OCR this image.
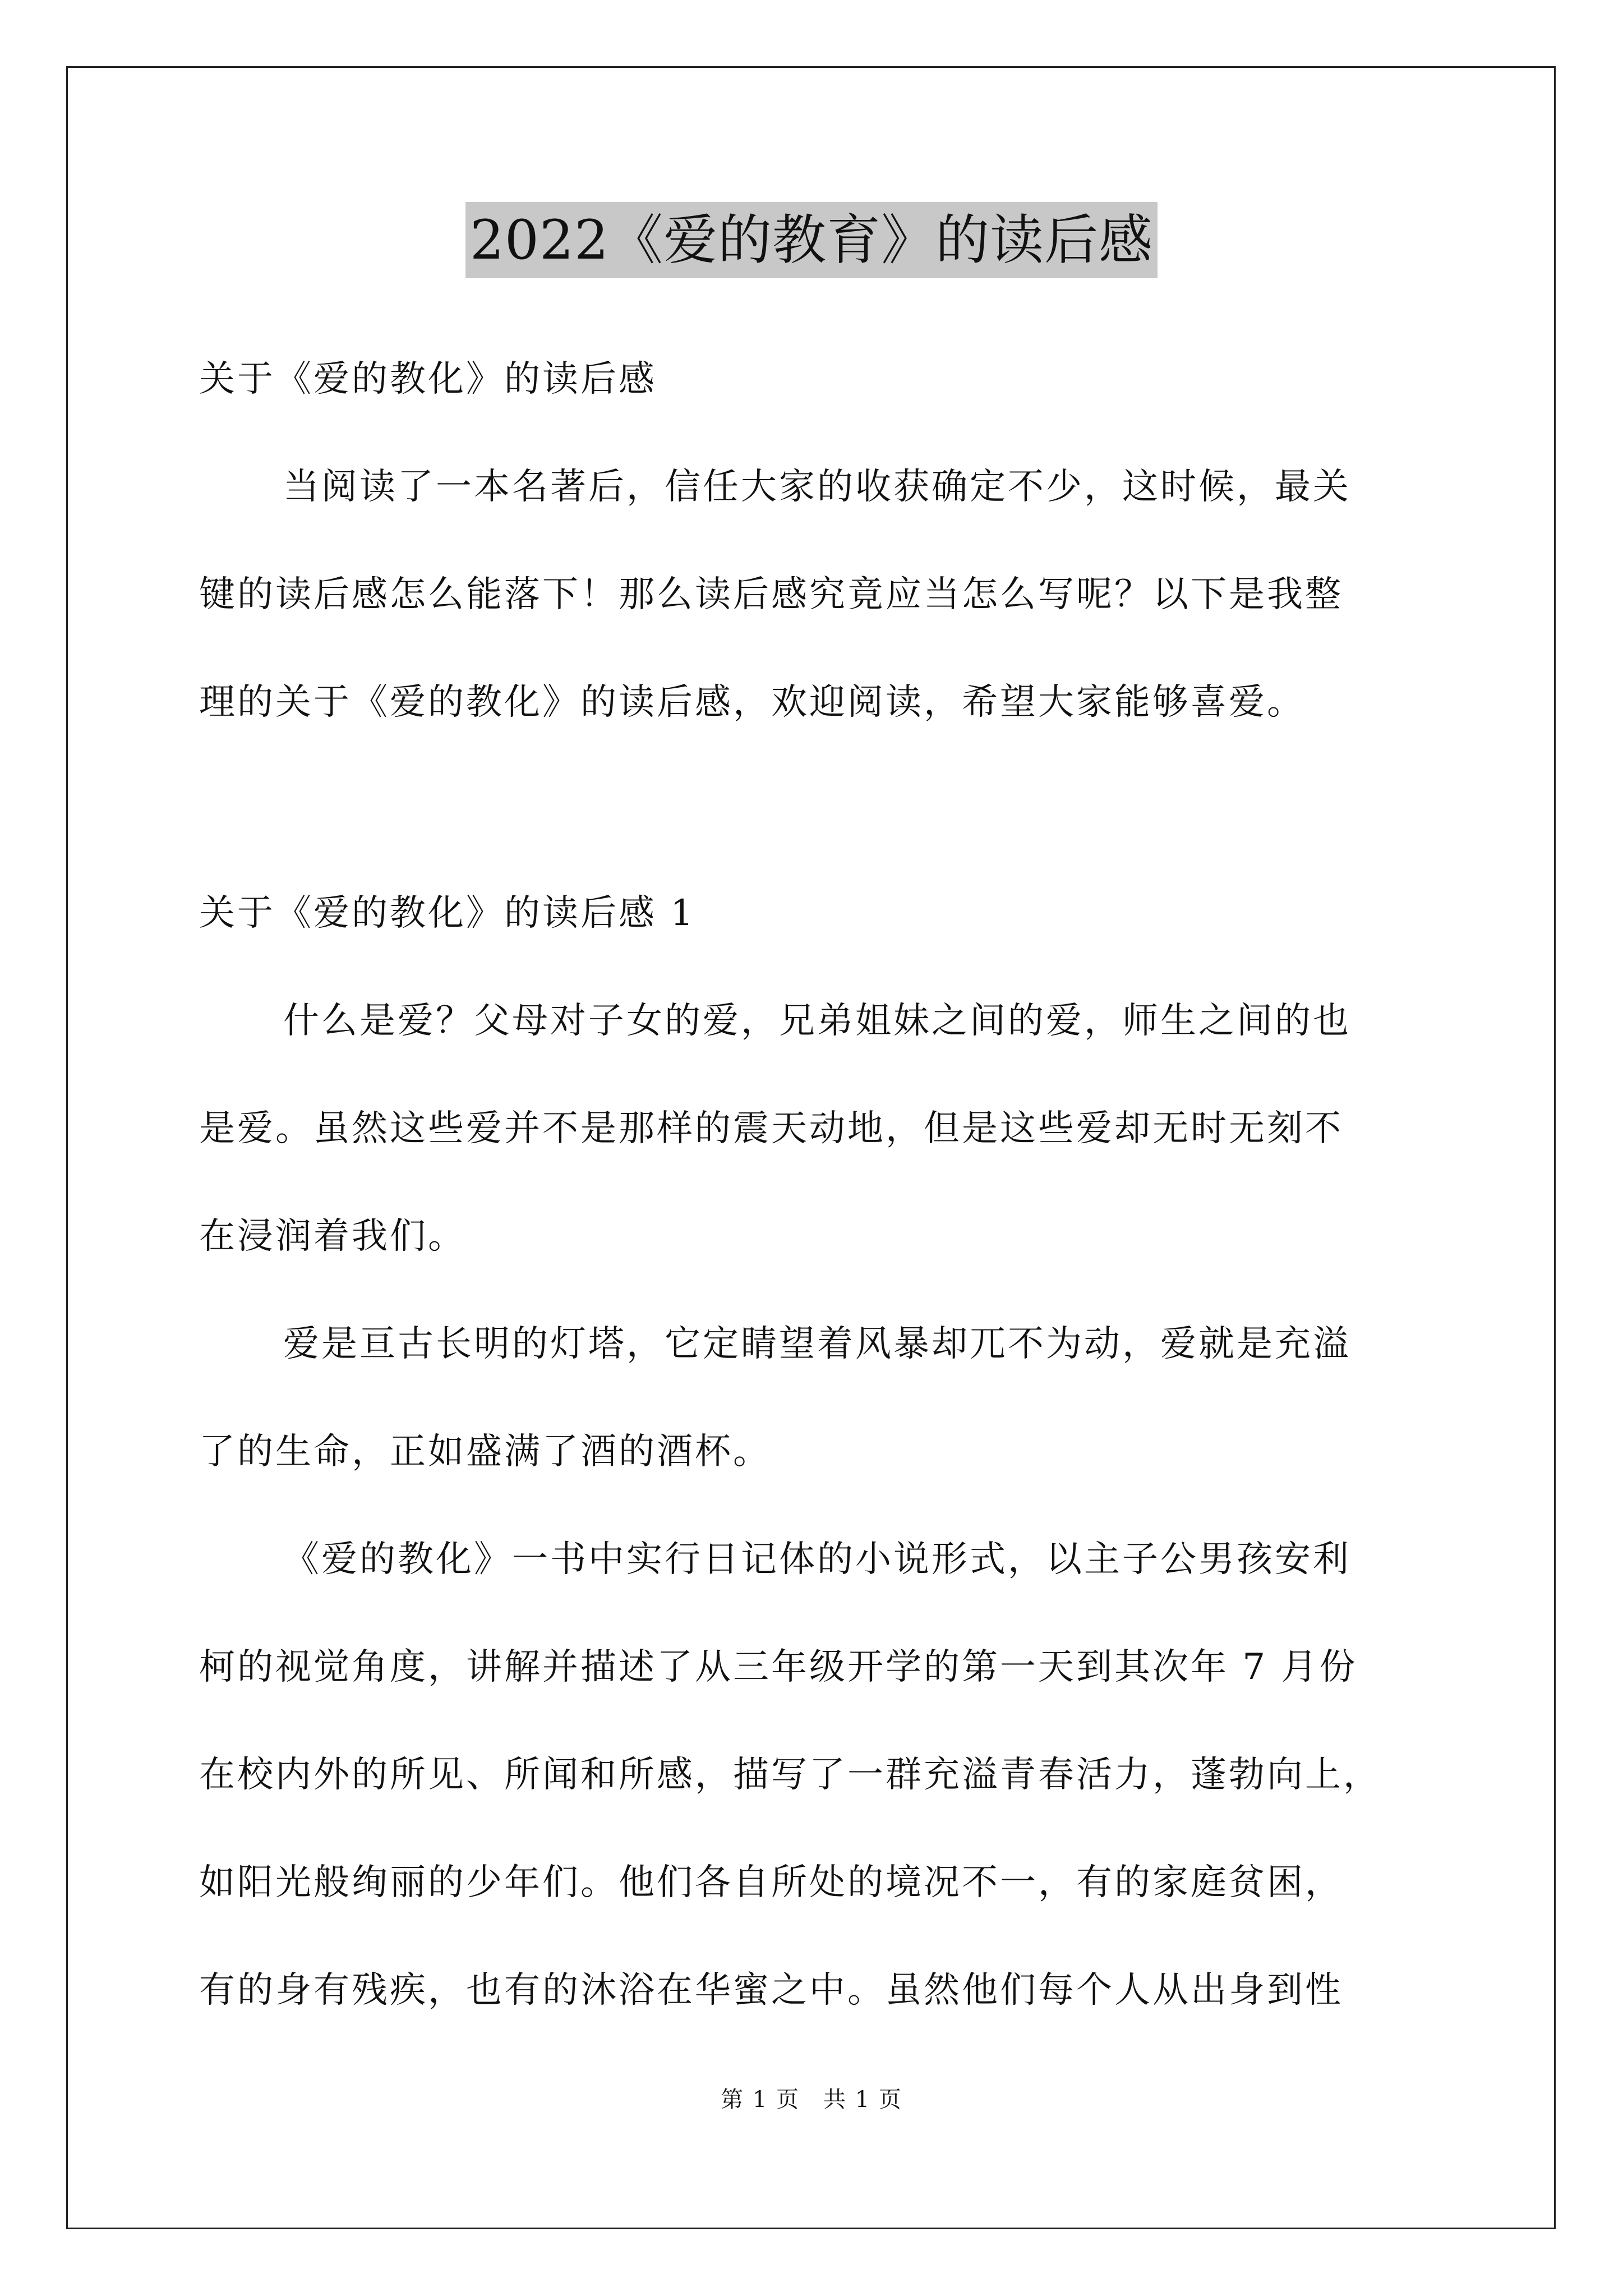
2022《爱的教育》的读后感
关于《爱的教化》的读后感
当阅读了一本名著后，信任大家的收获确定不少，这时候，最关
键的读后感怎么能落下！那么读后感究竟应当怎么写呢？以下是我整
理的关于《爱的教化》的读后感，欢迎阅读，希望大家能够喜爱。
关于《爱的教化》的读后感 1
什么是爱？父母对子女的爱，兄弟姐妹之间的爱，师生之间的也
是爱。虽然这些爱并不是那样的震天动地，但是这些爱却无时无刻不
在浸润着我们。
爱是亘古长明的灯塔，它定睛望着风暴却兀不为动，爱就是充溢
了的生命，正如盛满了酒的酒杯。
《爱的教化》一书中实行日记体的小说形式，以主子公男孩安利
柯的视觉角度，讲解并描述了从三年级开学的第一天到其次年 7 月份
在校内外的所见、所闻和所感，描写了一群充溢青春活力，蓬勃向上，
如阳光般绚丽的少年们。他们各自所处的境况不一，有的家庭贫困，
有的身有残疾，也有的沐浴在华蜜之中。虽然他们每个人从出身到性
第 1 页　共 1 页
